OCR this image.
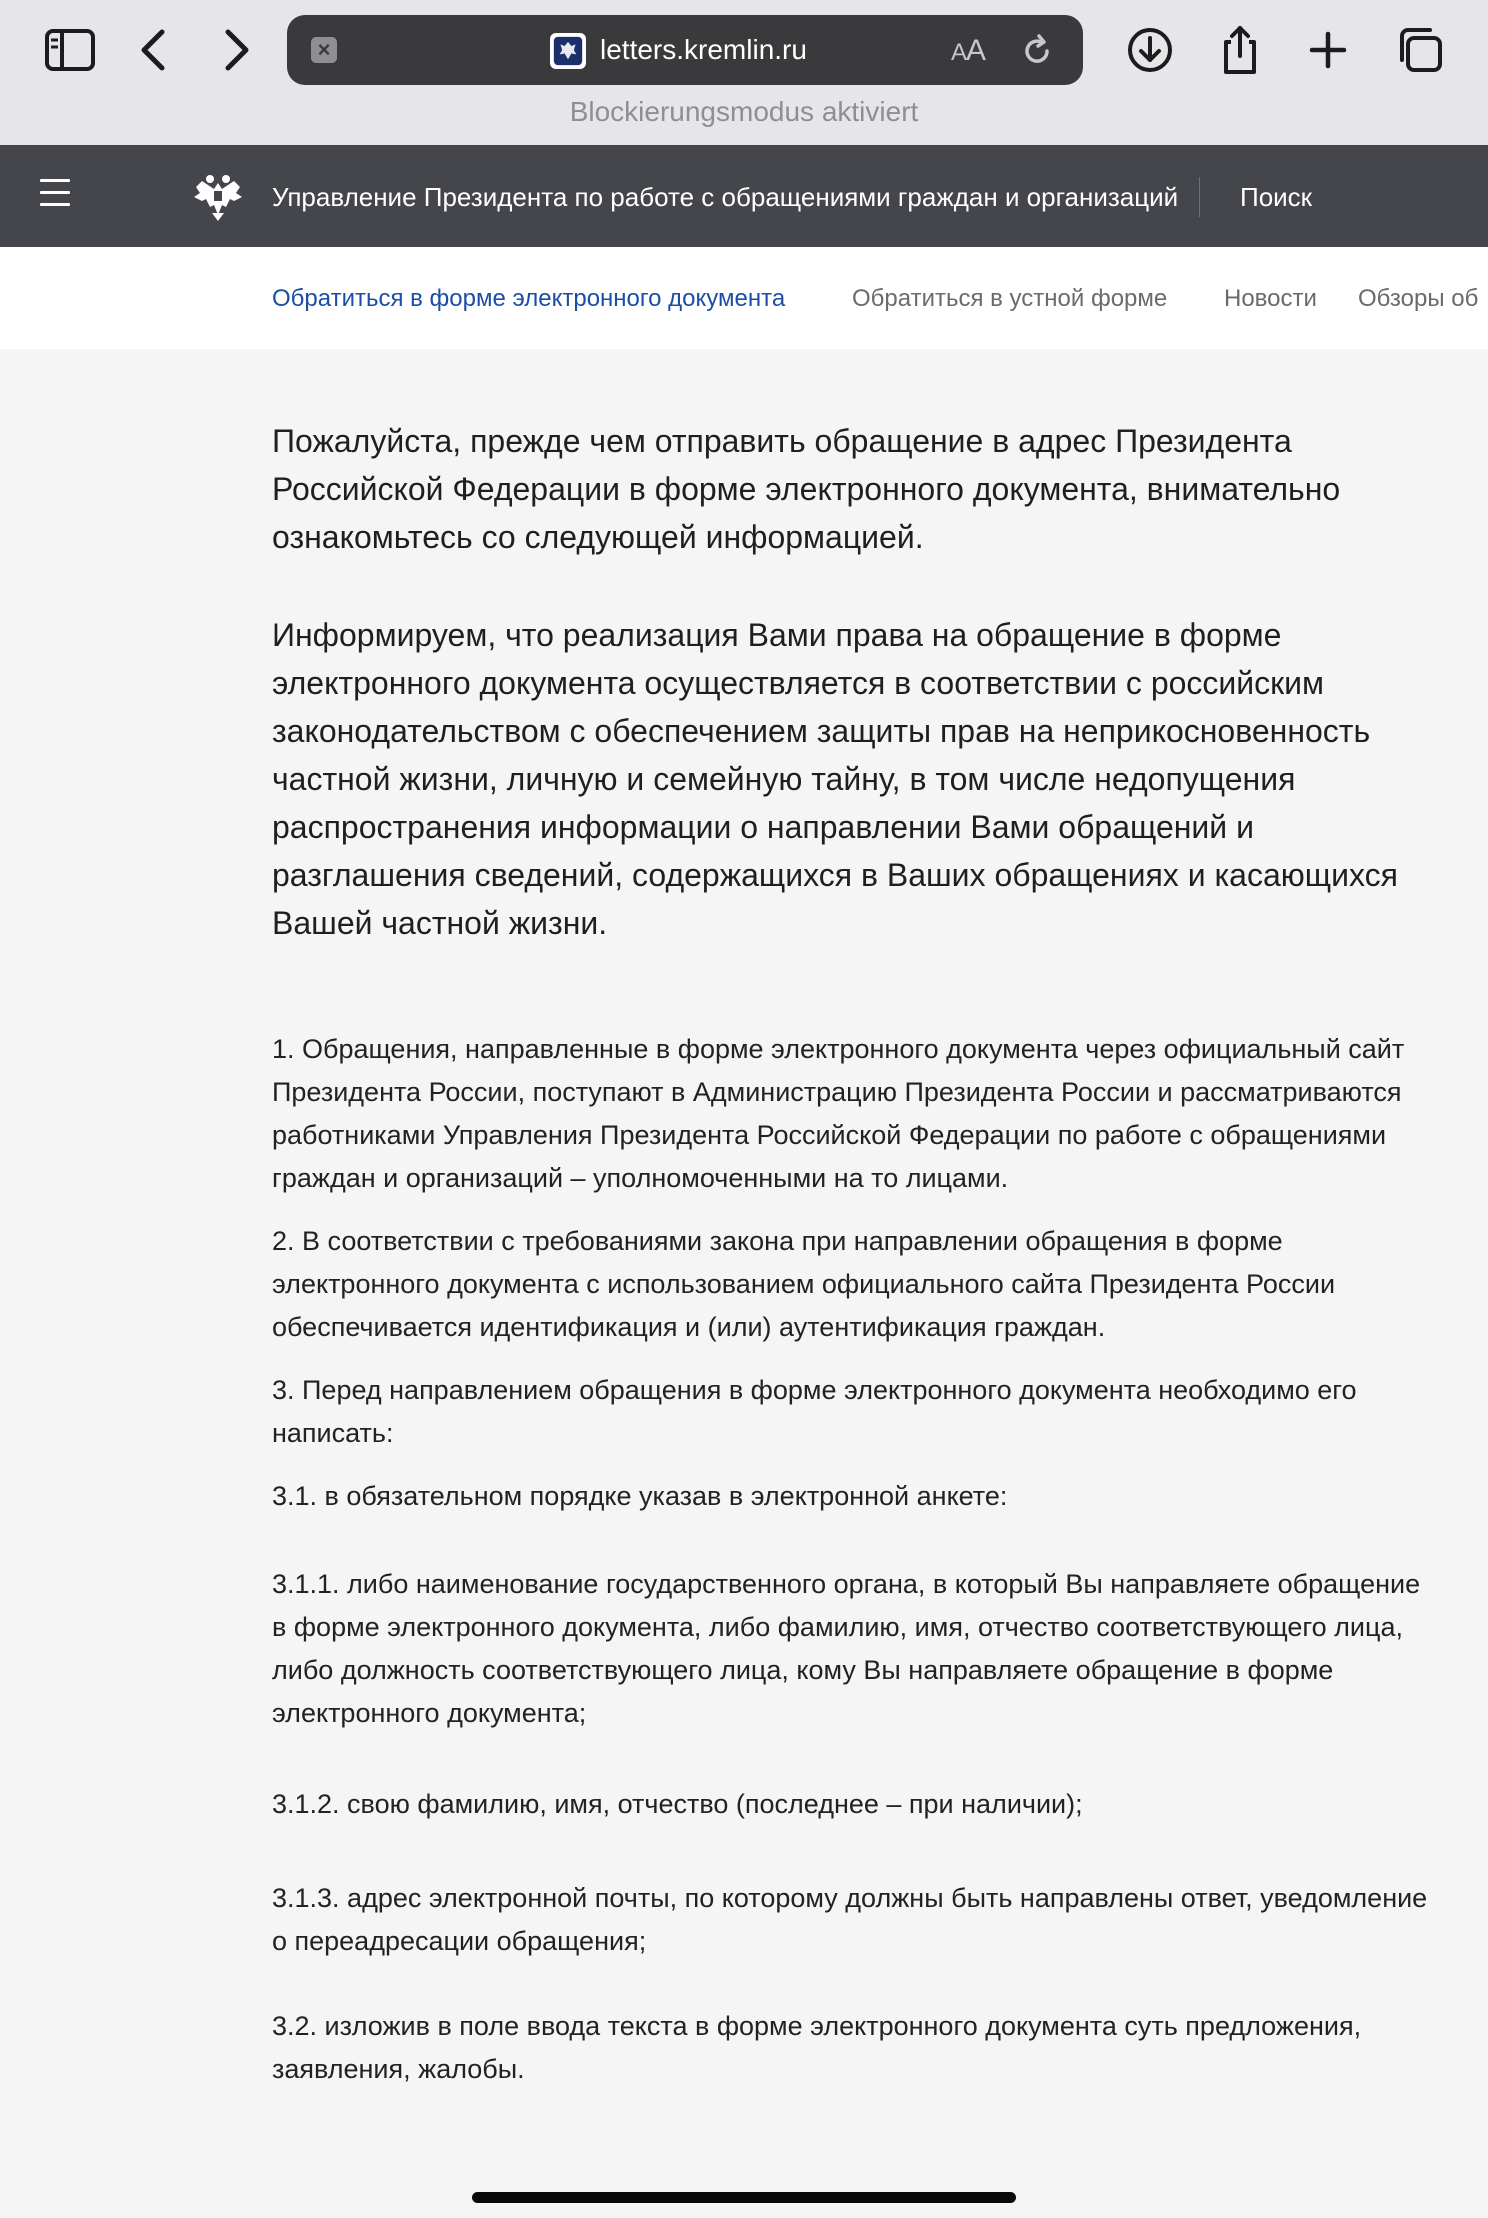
×	letters.kremlin.ru	AA
Blockierungsmodus aktiviert
Управление Президента по работе с обращениями граждан и организаций Поиск
Обратиться в форме электронного документа	Обратиться в устной форме Новости Обзоры об

Пожалуйста, прежде чем отправить обращение в адрес Президента Российской Федерации в форме электронного документа, внимательно ознакомьтесь со следующей информацией.

Информируем, что реализация Вами права на обращение в форме электронного документа осуществляется в соответствии с российским законодательством с обеспечением защиты прав на неприкосновенность частной жизни, личную и семейную тайну, в том числе недопущения распространения информации о направлении Вами обращений и разглашения сведений, содержащихся в Ваших обращениях и касающихся Вашей частной жизни.

1. Обращения, направленные в форме электронного документа через официальный сайт Президента России, поступают в Администрацию Президента России и рассматриваются работниками Управления Президента Российской Федерации по работе с обращениями граждан и организаций – уполномоченными на то лицами.

2. В соответствии с требованиями закона при направлении обращения в форме электронного документа с использованием официального сайта Президента России обеспечивается идентификация и (или) аутентификация граждан.

3. Перед направлением обращения в форме электронного документа необходимо его написать:

3.1. в обязательном порядке указав в электронной анкете:

3.1.1. либо наименование государственного органа, в который Вы направляете обращение в форме электронного документа, либо фамилию, имя, отчество соответствующего лица, либо должность соответствующего лица, кому Вы направляете обращение в форме электронного документа;

3.1.2. свою фамилию, имя, отчество (последнее – при наличии);

3.1.3. адрес электронной почты, по которому должны быть направлены ответ, уведомление о переадресации обращения;

3.2. изложив в поле ввода текста в форме электронного документа суть предложения, заявления, жалобы.
